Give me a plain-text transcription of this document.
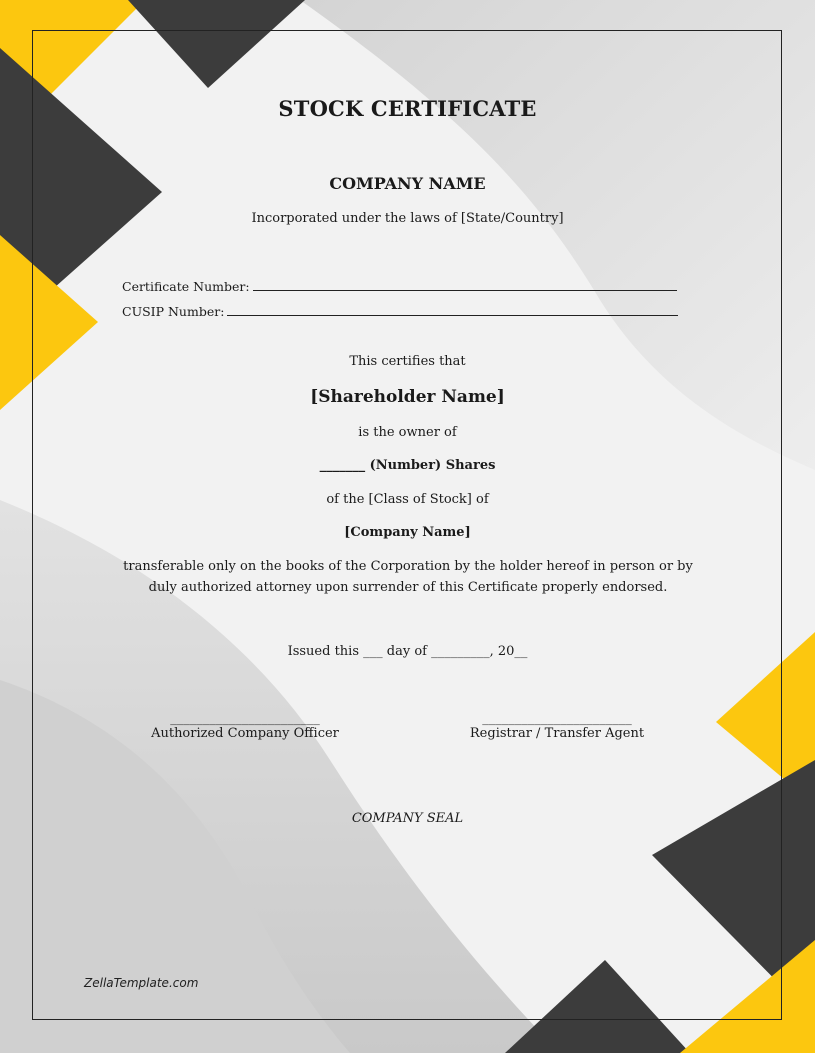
STOCK CERTIFICATE
COMPANY NAME
Incorporated under the laws of [State/Country]
Certificate Number:
CUSIP Number:
This certifies that
[Shareholder Name]
is the owner of
_______ (Number) Shares
of the [Class of Stock] of
[Company Name]
transferable only on the books of the Corporation by the holder hereof in person or by duly authorized attorney upon surrender of this Certificate properly endorsed.
Issued this ___ day of _________, 20__
_______________________
Authorized Company Officer
_______________________
Registrar / Transfer Agent
COMPANY SEAL
ZellaTemplate.com
